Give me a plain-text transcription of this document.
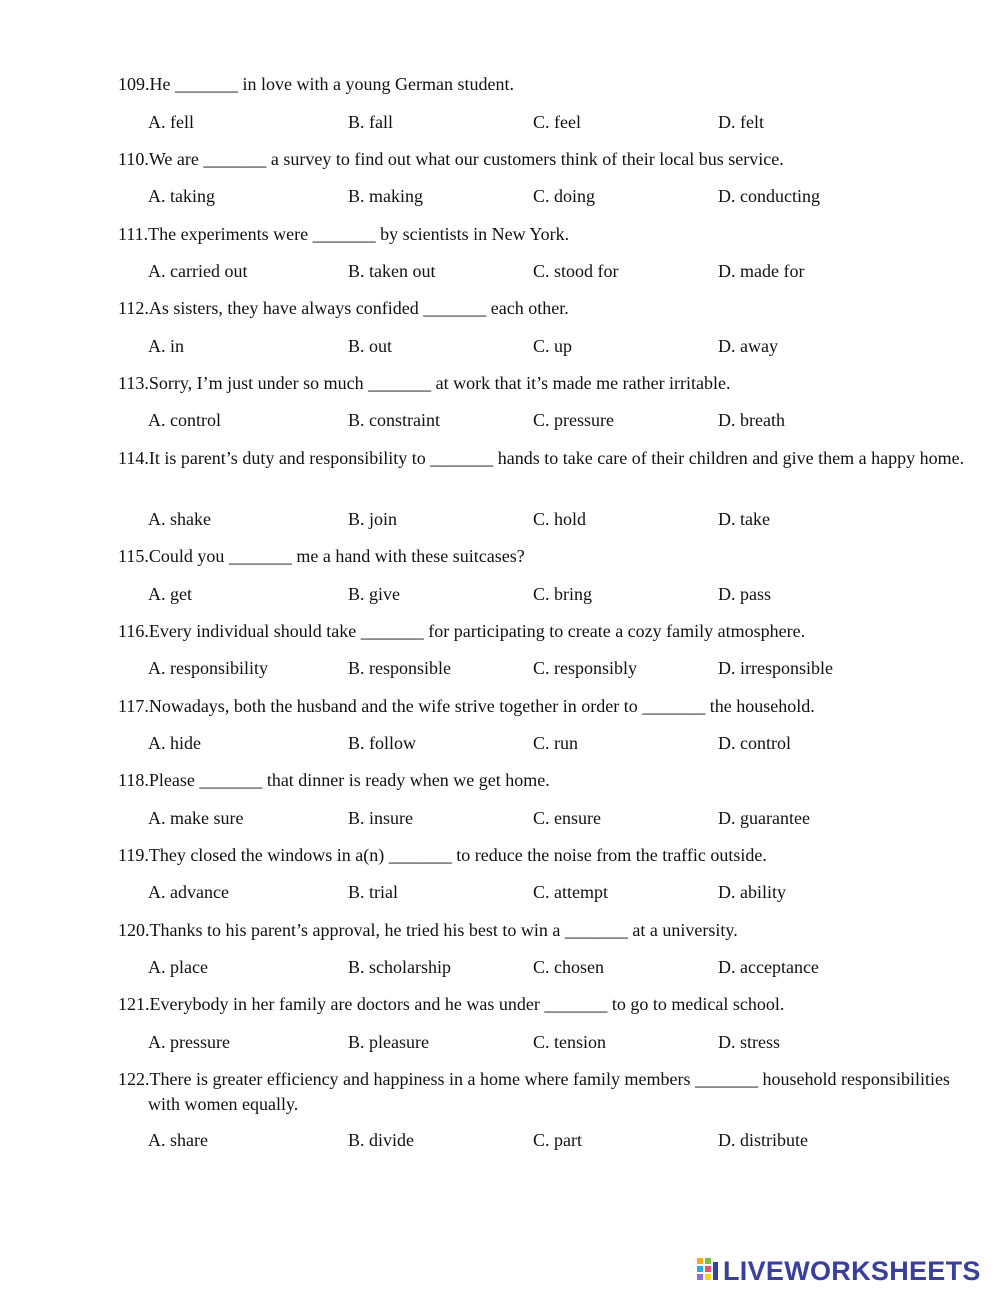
109.He _______ in love with a young German student.
A. fell	B. fall	C. feel	D. felt
110.We are _______ a survey to find out what our customers think of their local bus service.
A. taking	B. making	C. doing	D. conducting
111.The experiments were _______ by scientists in New York.
A. carried out	B. taken out	C. stood for	D. made for
112.As sisters, they have always confided _______ each other.
A. in	B. out	C. up	D. away
113.Sorry, I’m just under so much _______ at work that it’s made me rather irritable.
A. control	B. constraint	C. pressure	D. breath
114.It is parent’s duty and responsibility to _______ hands to take care of their children and give them a happy home.
A. shake	B. join	C. hold	D. take
115.Could you _______ me a hand with these suitcases?
A. get	B. give	C. bring	D. pass
116.Every individual should take _______ for participating to create a cozy family atmosphere.
A. responsibility	B. responsible	C. responsibly	D. irresponsible
117.Nowadays, both the husband and the wife strive together in order to _______ the household.
A. hide	B. follow	C. run	D. control
118.Please _______ that dinner is ready when we get home.
A. make sure	B. insure	C. ensure	D. guarantee
119.They closed the windows in a(n) _______ to reduce the noise from the traffic outside.
A. advance	B. trial	C. attempt	D. ability
120.Thanks to his parent’s approval, he tried his best to win a _______ at a university.
A. place	B. scholarship	C. chosen	D. acceptance
121.Everybody in her family are doctors and he was under _______ to go to medical school.
A. pressure	B. pleasure	C. tension	D. stress
122.There is greater efficiency and happiness in a home where family members _______ household responsibilities with women equally.
A. share	B. divide	C. part	D. distribute
LIVEWORKSHEETS
